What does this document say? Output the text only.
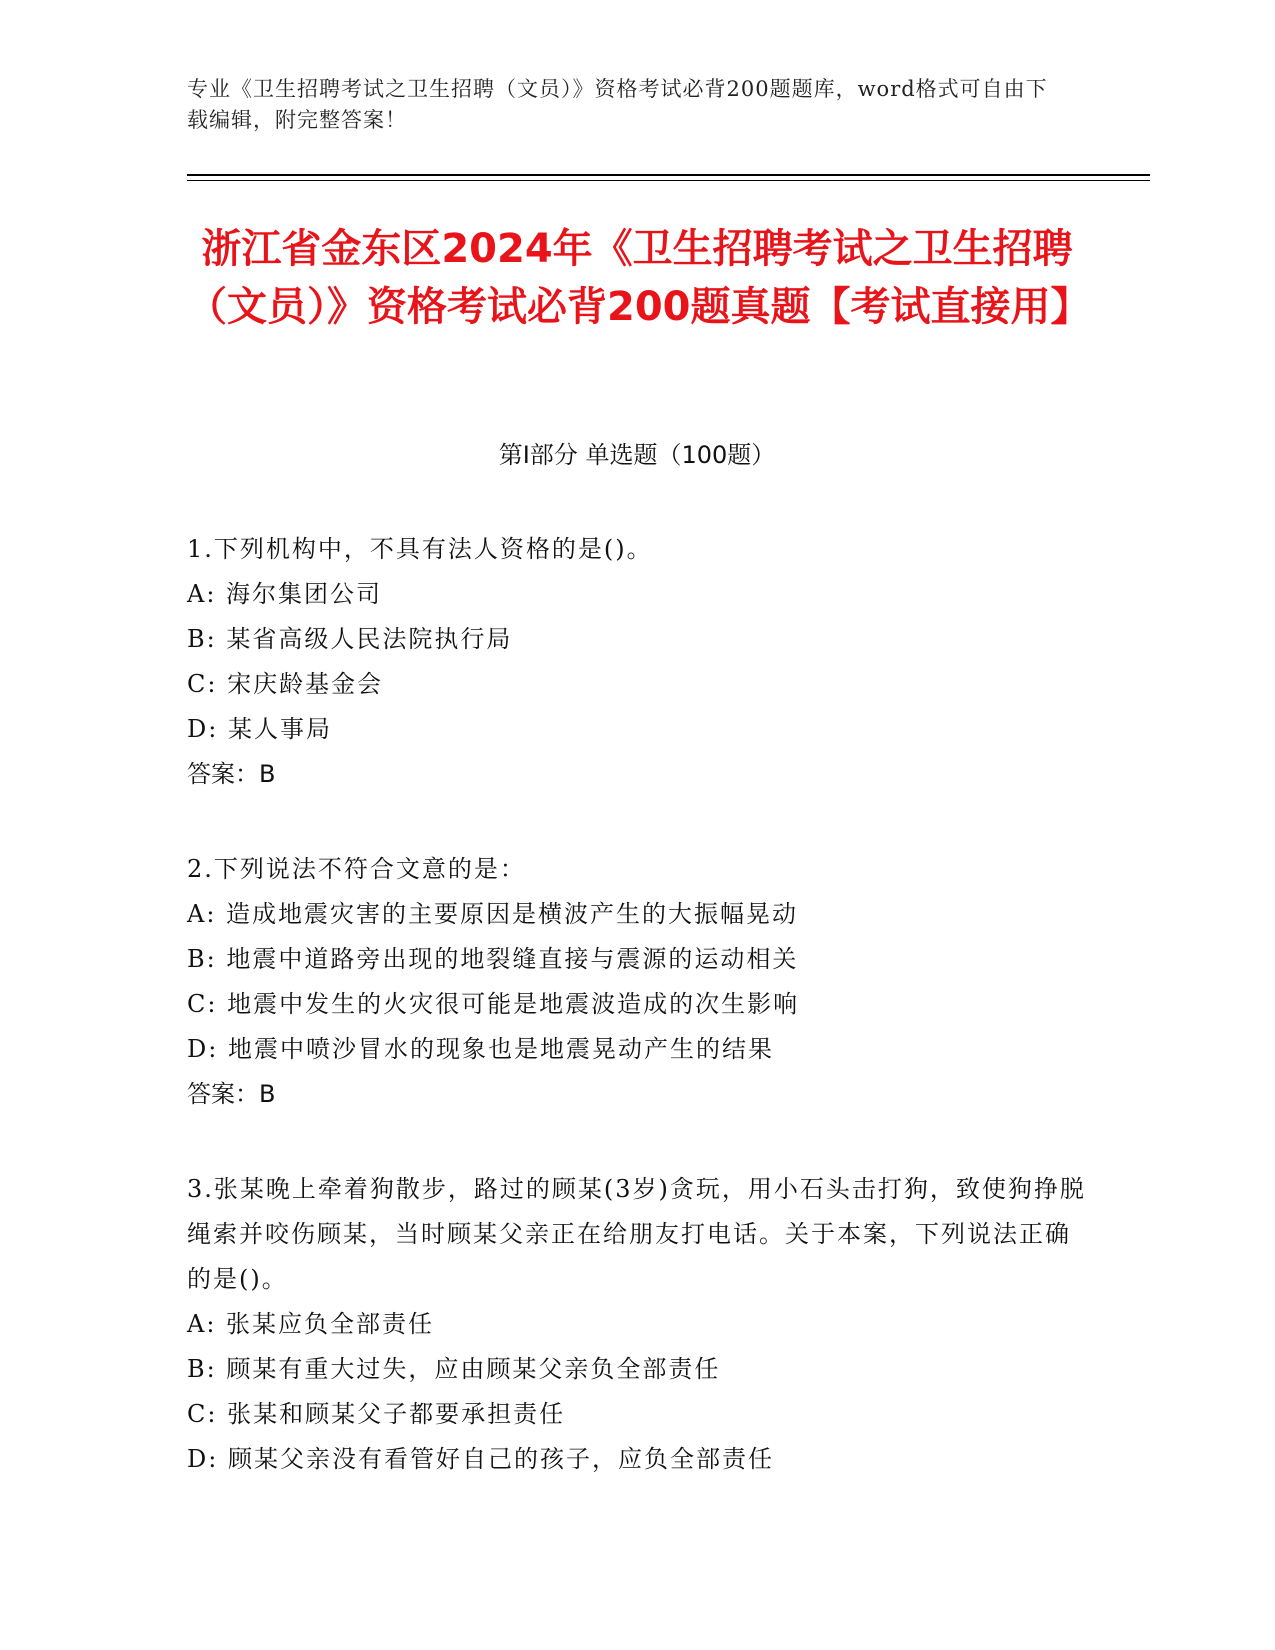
专业《卫生招聘考试之卫生招聘（文员）》资格考试必背200题题库，word格式可自由下载编辑，附完整答案！
浙江省金东区2024年《卫生招聘考试之卫生招聘（文员）》资格考试必背200题真题【考试直接用】
第I部分 单选题（100题）
1.下列机构中，不具有法人资格的是()。
A: 海尔集团公司
B: 某省高级人民法院执行局
C: 宋庆龄基金会
D: 某人事局
答案：B
2.下列说法不符合文意的是：
A: 造成地震灾害的主要原因是横波产生的大振幅晃动
B: 地震中道路旁出现的地裂缝直接与震源的运动相关
C: 地震中发生的火灾很可能是地震波造成的次生影响
D: 地震中喷沙冒水的现象也是地震晃动产生的结果
答案：B
3.张某晚上牵着狗散步，路过的顾某(3岁)贪玩，用小石头击打狗，致使狗挣脱绳索并咬伤顾某，当时顾某父亲正在给朋友打电话。关于本案，下列说法正确的是()。
A: 张某应负全部责任
B: 顾某有重大过失，应由顾某父亲负全部责任
C: 张某和顾某父子都要承担责任
D: 顾某父亲没有看管好自己的孩子，应负全部责任
